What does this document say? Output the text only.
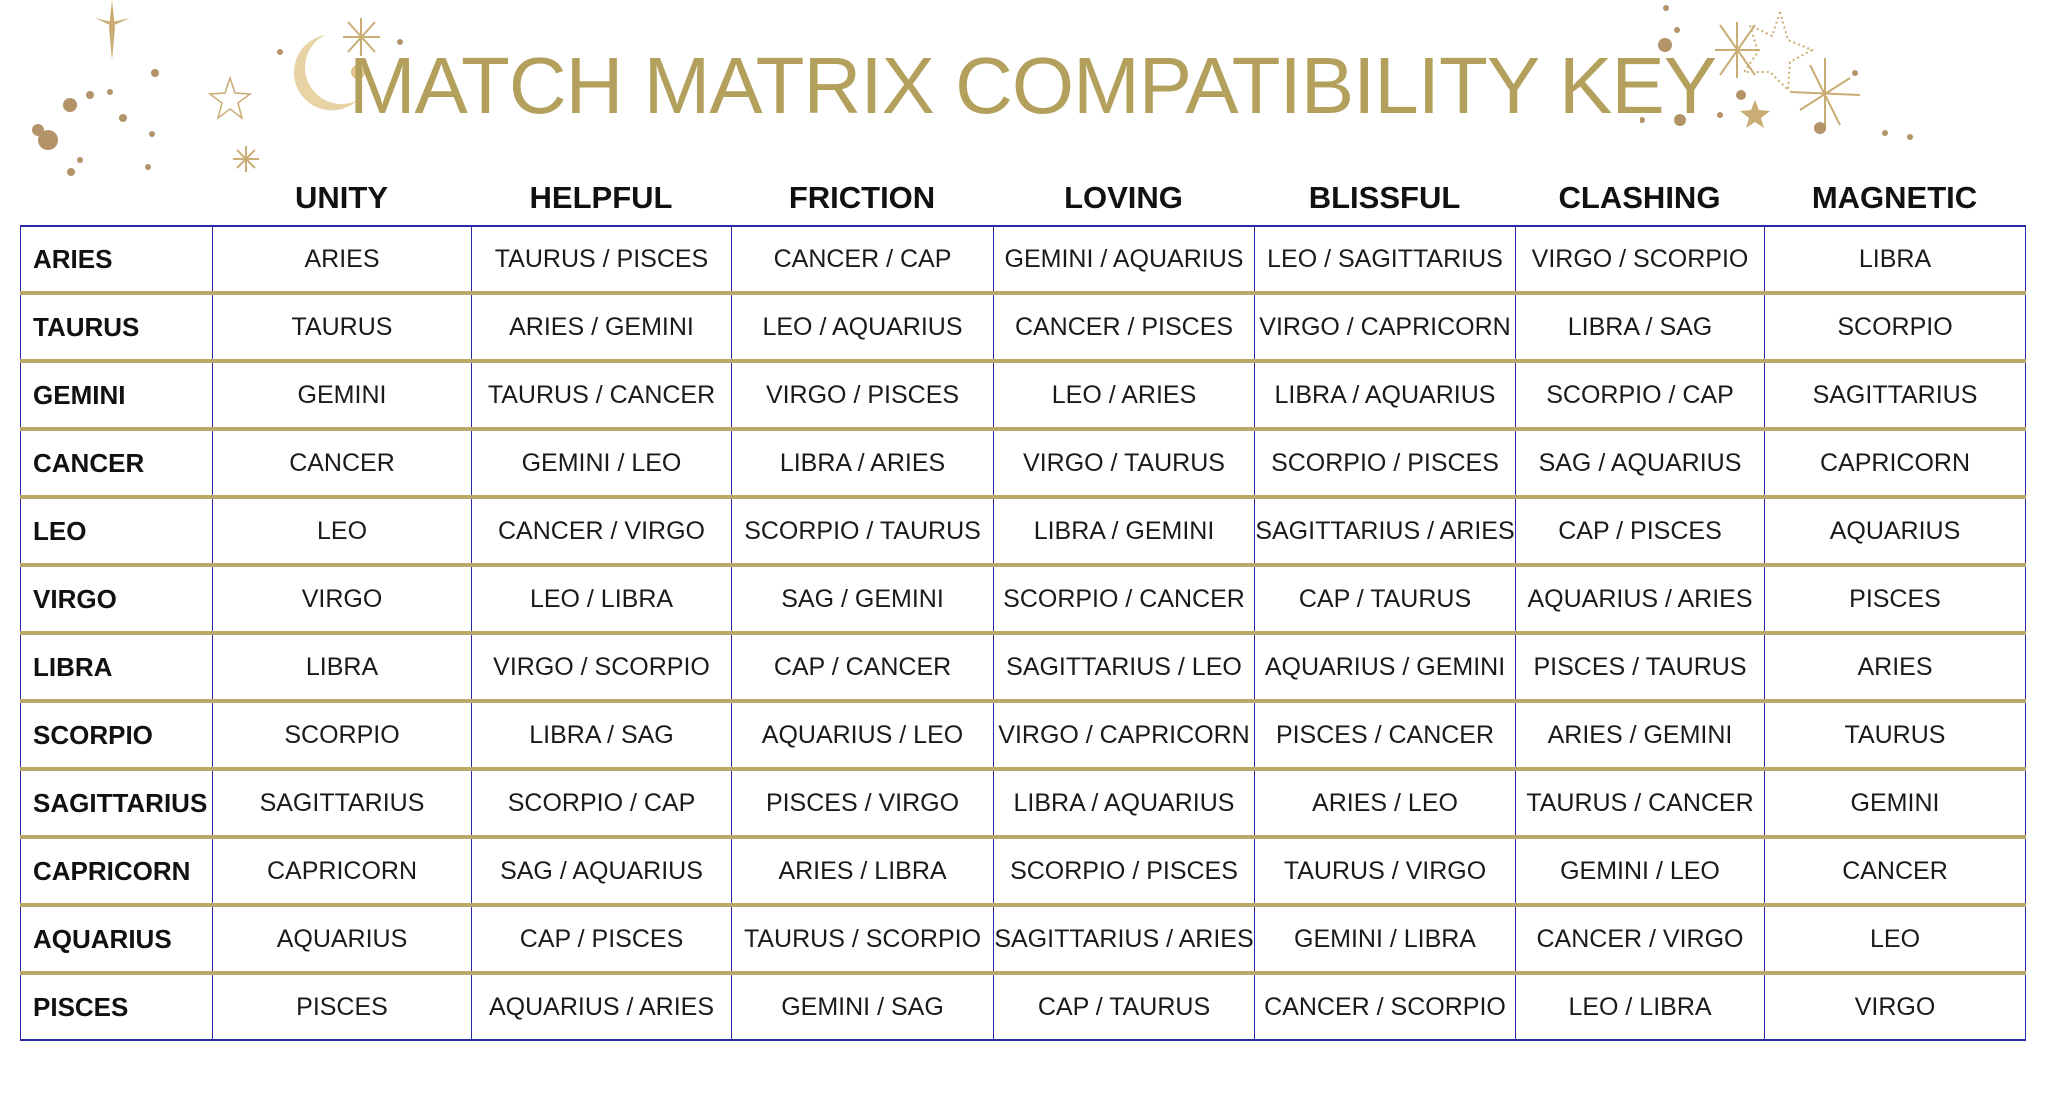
MATCH MATRIX COMPATIBILITY KEY
UNITY	HELPFUL	FRICTION	LOVING	BLISSFUL	CLASHING	MAGNETIC
ARIES	ARIES	TAURUS / PISCES	CANCER / CAP	GEMINI / AQUARIUS	LEO / SAGITTARIUS	VIRGO / SCORPIO	LIBRA
TAURUS	TAURUS	ARIES / GEMINI	LEO / AQUARIUS	CANCER / PISCES	VIRGO / CAPRICORN	LIBRA / SAG	SCORPIO
GEMINI	GEMINI	TAURUS / CANCER	VIRGO / PISCES	LEO / ARIES	LIBRA / AQUARIUS	SCORPIO / CAP	SAGITTARIUS
CANCER	CANCER	GEMINI / LEO	LIBRA / ARIES	VIRGO / TAURUS	SCORPIO / PISCES	SAG / AQUARIUS	CAPRICORN
LEO	LEO	CANCER / VIRGO	SCORPIO / TAURUS	LIBRA / GEMINI	SAGITTARIUS / ARIES	CAP / PISCES	AQUARIUS
VIRGO	VIRGO	LEO / LIBRA	SAG / GEMINI	SCORPIO / CANCER	CAP / TAURUS	AQUARIUS / ARIES	PISCES
LIBRA	LIBRA	VIRGO / SCORPIO	CAP / CANCER	SAGITTARIUS / LEO	AQUARIUS / GEMINI	PISCES / TAURUS	ARIES
SCORPIO	SCORPIO	LIBRA / SAG	AQUARIUS / LEO	VIRGO / CAPRICORN	PISCES / CANCER	ARIES / GEMINI	TAURUS
SAGITTARIUS	SAGITTARIUS	SCORPIO / CAP	PISCES / VIRGO	LIBRA / AQUARIUS	ARIES / LEO	TAURUS / CANCER	GEMINI
CAPRICORN	CAPRICORN	SAG / AQUARIUS	ARIES / LIBRA	SCORPIO / PISCES	TAURUS / VIRGO	GEMINI / LEO	CANCER
AQUARIUS	AQUARIUS	CAP / PISCES	TAURUS / SCORPIO	SAGITTARIUS / ARIES	GEMINI / LIBRA	CANCER / VIRGO	LEO
PISCES	PISCES	AQUARIUS / ARIES	GEMINI / SAG	CAP / TAURUS	CANCER / SCORPIO	LEO / LIBRA	VIRGO
